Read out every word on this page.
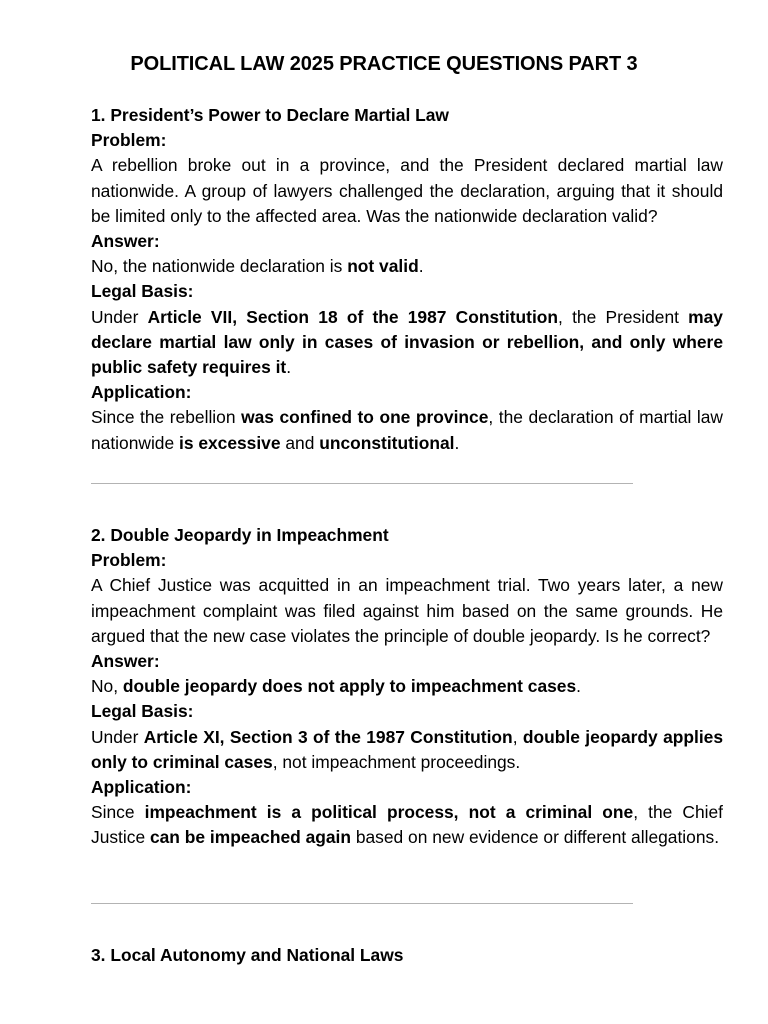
POLITICAL LAW 2025 PRACTICE QUESTIONS PART 3

1. President’s Power to Declare Martial Law

Problem:

A rebellion broke out in a province, and the President declared martial law nationwide. A group of lawyers challenged the declaration, arguing that it should be limited only to the affected area. Was the nationwide declaration valid?

Answer:

No, the nationwide declaration is not valid.

Legal Basis:

Under Article VII, Section 18 of the 1987 Constitution, the President may declare martial law only in cases of invasion or rebellion, and only where public safety requires it.

Application:

Since the rebellion was confined to one province, the declaration of martial law nationwide is excessive and unconstitutional.

2. Double Jeopardy in Impeachment

Problem:

A Chief Justice was acquitted in an impeachment trial. Two years later, a new impeachment complaint was filed against him based on the same grounds. He argued that the new case violates the principle of double jeopardy. Is he correct?

Answer:

No, double jeopardy does not apply to impeachment cases.

Legal Basis:

Under Article XI, Section 3 of the 1987 Constitution, double jeopardy applies only to criminal cases, not impeachment proceedings.

Application:

Since impeachment is a political process, not a criminal one, the Chief Justice can be impeached again based on new evidence or different allegations.

3. Local Autonomy and National Laws
